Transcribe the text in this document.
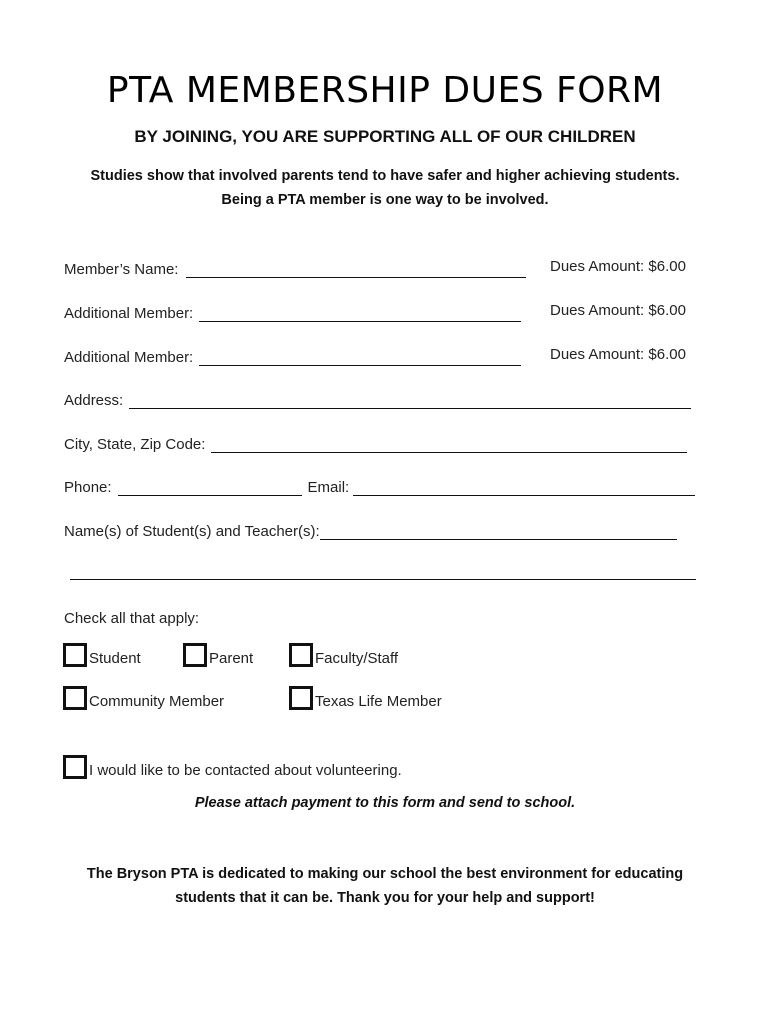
PTA MEMBERSHIP DUES FORM
BY JOINING, YOU ARE SUPPORTING ALL OF OUR CHILDREN
Studies show that involved parents tend to have safer and higher achieving students.
Being a PTA member is one way to be involved.
Member’s Name:	Dues Amount: $6.00
Additional Member:	Dues Amount: $6.00
Additional Member:	Dues Amount: $6.00
Address:
City, State, Zip Code:
Phone:	Email:
Name(s) of Student(s) and Teacher(s):
Check all that apply:
Student	Parent	Faculty/Staff
Community Member	Texas Life Member
I would like to be contacted about volunteering.
Please attach payment to this form and send to school.
The Bryson PTA is dedicated to making our school the best environment for educating
students that it can be. Thank you for your help and support!
